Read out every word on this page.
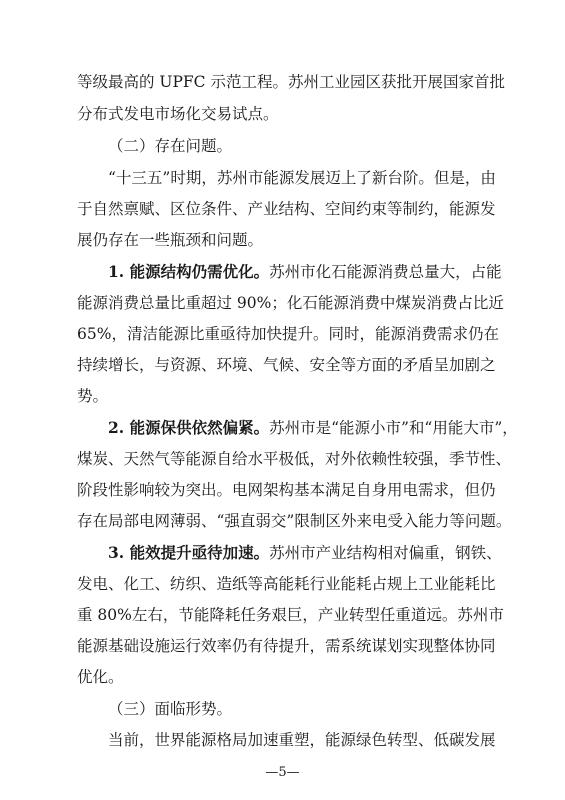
等级最高的 UPFC 示范工程。苏州工业园区获批开展国家首批
分布式发电市场化交易试点。
（二）存在问题。
“十三五”时期，苏州市能源发展迈上了新台阶。但是，由
于自然禀赋、区位条件、产业结构、空间约束等制约，能源发
展仍存在一些瓶颈和问题。
1. 能源结构仍需优化。苏州市化石能源消费总量大，占能
能源消费总量比重超过 90%；化石能源消费中煤炭消费占比近
65%，清洁能源比重亟待加快提升。同时，能源消费需求仍在
持续增长，与资源、环境、气候、安全等方面的矛盾呈加剧之
势。
2. 能源保供依然偏紧。苏州市是“能源小市”和“用能大市”，
煤炭、天然气等能源自给水平极低，对外依赖性较强，季节性、
阶段性影响较为突出。电网架构基本满足自身用电需求，但仍
存在局部电网薄弱、“强直弱交”限制区外来电受入能力等问题。
3. 能效提升亟待加速。苏州市产业结构相对偏重，钢铁、
发电、化工、纺织、造纸等高能耗行业能耗占规上工业能耗比
重 80%左右，节能降耗任务艰巨，产业转型任重道远。苏州市
能源基础设施运行效率仍有待提升，需系统谋划实现整体协同
优化。
（三）面临形势。
当前，世界能源格局加速重塑，能源绿色转型、低碳发展
—5—
